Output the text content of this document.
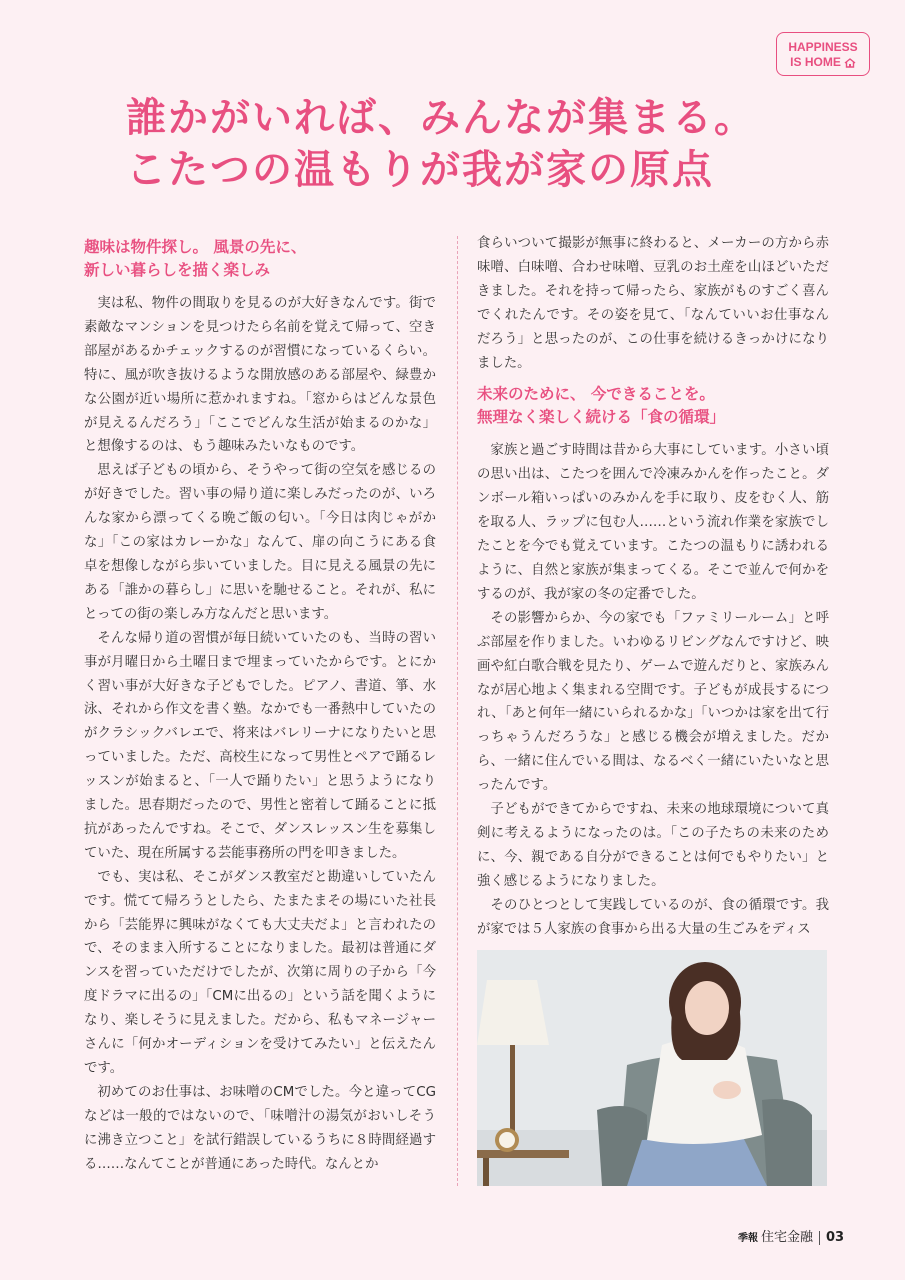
HAPPINESS
IS HOME
誰かがいれば、みんなが集まる。
こたつの温もりが我が家の原点
趣味は物件探し。 風景の先に、
新しい暮らしを描く楽しみ

実は私、物件の間取りを見るのが大好きなんです。街で素敵なマンションを見つけたら名前を覚えて帰って、空き部屋があるかチェックするのが習慣になっているくらい。特に、風が吹き抜けるような開放感のある部屋や、緑豊かな公園が近い場所に惹かれますね。「窓からはどんな景色が見えるんだろう」「ここでどんな生活が始まるのかな」と想像するのは、もう趣味みたいなものです。

思えば子どもの頃から、そうやって街の空気を感じるのが好きでした。習い事の帰り道に楽しみだったのが、いろんな家から漂ってくる晩ご飯の匂い。「今日は肉じゃがかな」「この家はカレーかな」なんて、扉の向こうにある食卓を想像しながら歩いていました。目に見える風景の先にある「誰かの暮らし」に思いを馳せること。それが、私にとっての街の楽しみ方なんだと思います。

そんな帰り道の習慣が毎日続いていたのも、当時の習い事が月曜日から土曜日まで埋まっていたからです。とにかく習い事が大好きな子どもでした。ピアノ、書道、箏、水泳、それから作文を書く塾。なかでも一番熱中していたのがクラシックバレエで、将来はバレリーナになりたいと思っていました。ただ、高校生になって男性とペアで踊るレッスンが始まると、「一人で踊りたい」と思うようになりました。思春期だったので、男性と密着して踊ることに抵抗があったんですね。そこで、ダンスレッスン生を募集していた、現在所属する芸能事務所の門を叩きました。

でも、実は私、そこがダンス教室だと勘違いしていたんです。慌てて帰ろうとしたら、たまたまその場にいた社長から「芸能界に興味がなくても大丈夫だよ」と言われたので、そのまま入所することになりました。最初は普通にダンスを習っていただけでしたが、次第に周りの子から「今度ドラマに出るの」「CMに出るの」という話を聞くようになり、楽しそうに見えました。だから、私もマネージャーさんに「何かオーディションを受けてみたい」と伝えたんです。

初めてのお仕事は、お味噌のCMでした。今と違ってCGなどは一般的ではないので、「味噌汁の湯気がおいしそうに沸き立つこと」を試行錯誤しているうちに８時間経過する……なんてことが普通にあった時代。なんとか

食らいついて撮影が無事に終わると、メーカーの方から赤味噌、白味噌、合わせ味噌、豆乳のお土産を山ほどいただきました。それを持って帰ったら、家族がものすごく喜んでくれたんです。その姿を見て、「なんていいお仕事なんだろう」と思ったのが、この仕事を続けるきっかけになりました。

未来のために、 今できることを。
無理なく楽しく続ける「食の循環」

家族と過ごす時間は昔から大事にしています。小さい頃の思い出は、こたつを囲んで冷凍みかんを作ったこと。ダンボール箱いっぱいのみかんを手に取り、皮をむく人、筋を取る人、ラップに包む人……という流れ作業を家族でしたことを今でも覚えています。こたつの温もりに誘われるように、自然と家族が集まってくる。そこで並んで何かをするのが、我が家の冬の定番でした。

その影響からか、今の家でも「ファミリールーム」と呼ぶ部屋を作りました。いわゆるリビングなんですけど、映画や紅白歌合戦を見たり、ゲームで遊んだりと、家族みんなが居心地よく集まれる空間です。子どもが成長するにつれ、「あと何年一緒にいられるかな」「いつかは家を出て行っちゃうんだろうな」と感じる機会が増えました。だから、一緒に住んでいる間は、なるべく一緒にいたいなと思ったんです。

子どもができてからですね、未来の地球環境について真剣に考えるようになったのは。「この子たちの未来のために、今、親である自分ができることは何でもやりたい」と強く感じるようになりました。

そのひとつとして実践しているのが、食の循環です。我が家では５人家族の食事から出る大量の生ごみをディス

季報 住宅金融 03
